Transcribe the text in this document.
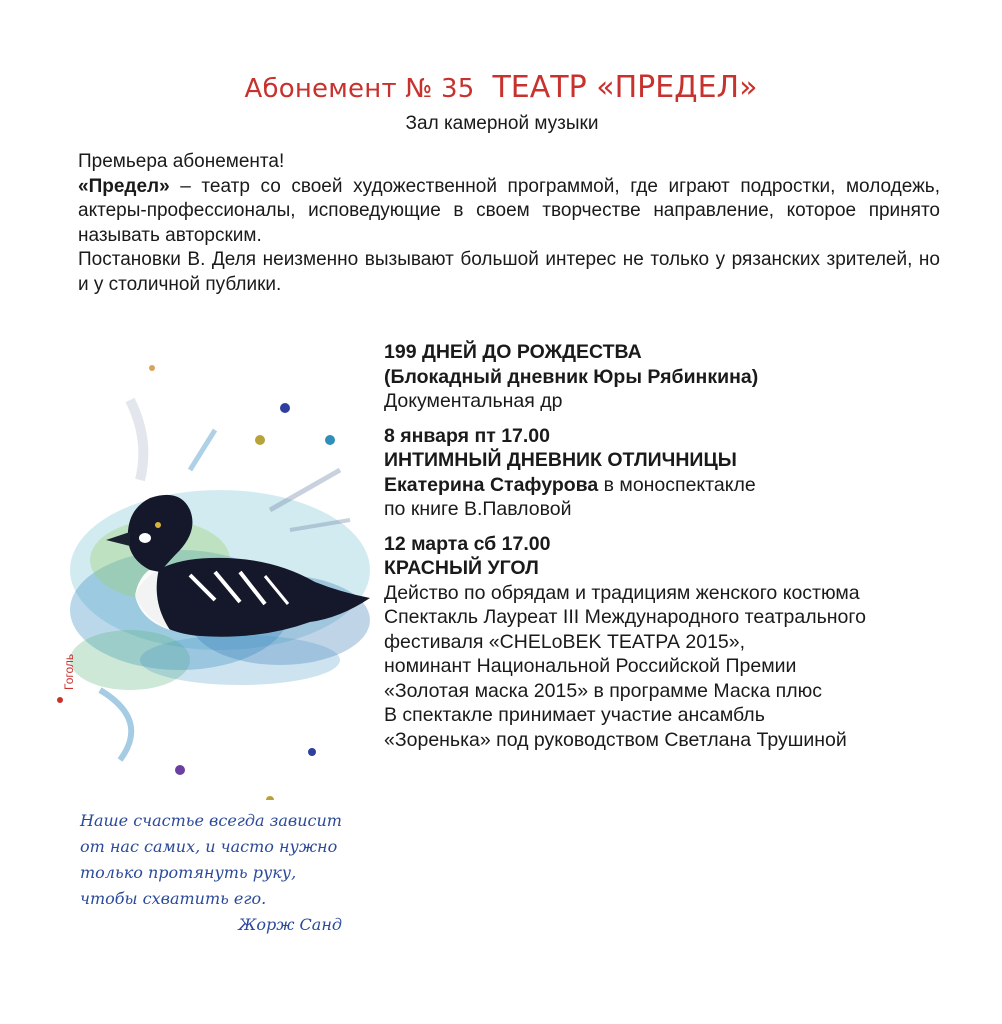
Абонемент № 35 ТЕАТР «ПРЕДЕЛ»
Зал камерной музыки

Премьера абонемента!

«Предел» – театр со своей художественной программой, где играют подростки, молодежь, актеры-профессионалы, исповедующие в своем творчестве направление, которое принято называть авторским.

Постановки В. Деля неизменно вызывают большой интерес не только у рязанских зрителей, но и у столичной публики.

199 ДНЕЙ ДО РОЖДЕСТВА
(Блокадный дневник Юры Рябинкина)
Документальная др
8 января пт 17.00
ИНТИМНЫЙ ДНЕВНИК ОТЛИЧНИЦЫ
Екатерина Стафурова в моноспектакле
по книге В.Павловой
12 марта сб 17.00
КРАСНЫЙ УГОЛ
Действо по обрядам и традициям женского костюма
Спектакль Лауреат III Международного театрального
фестиваля «CHELоBEK ТЕАТРА 2015»,
номинант Национальной Российской Премии
«Золотая маска 2015» в программе Маска плюс
В спектакле принимает участие ансамбль
«Зоренька» под руководством Светлана Трушиной
Гоголь
Наше счастье всегда зависит
от нас самих, и часто нужно
только протянуть руку,
чтобы схватить его.
Жорж Санд
